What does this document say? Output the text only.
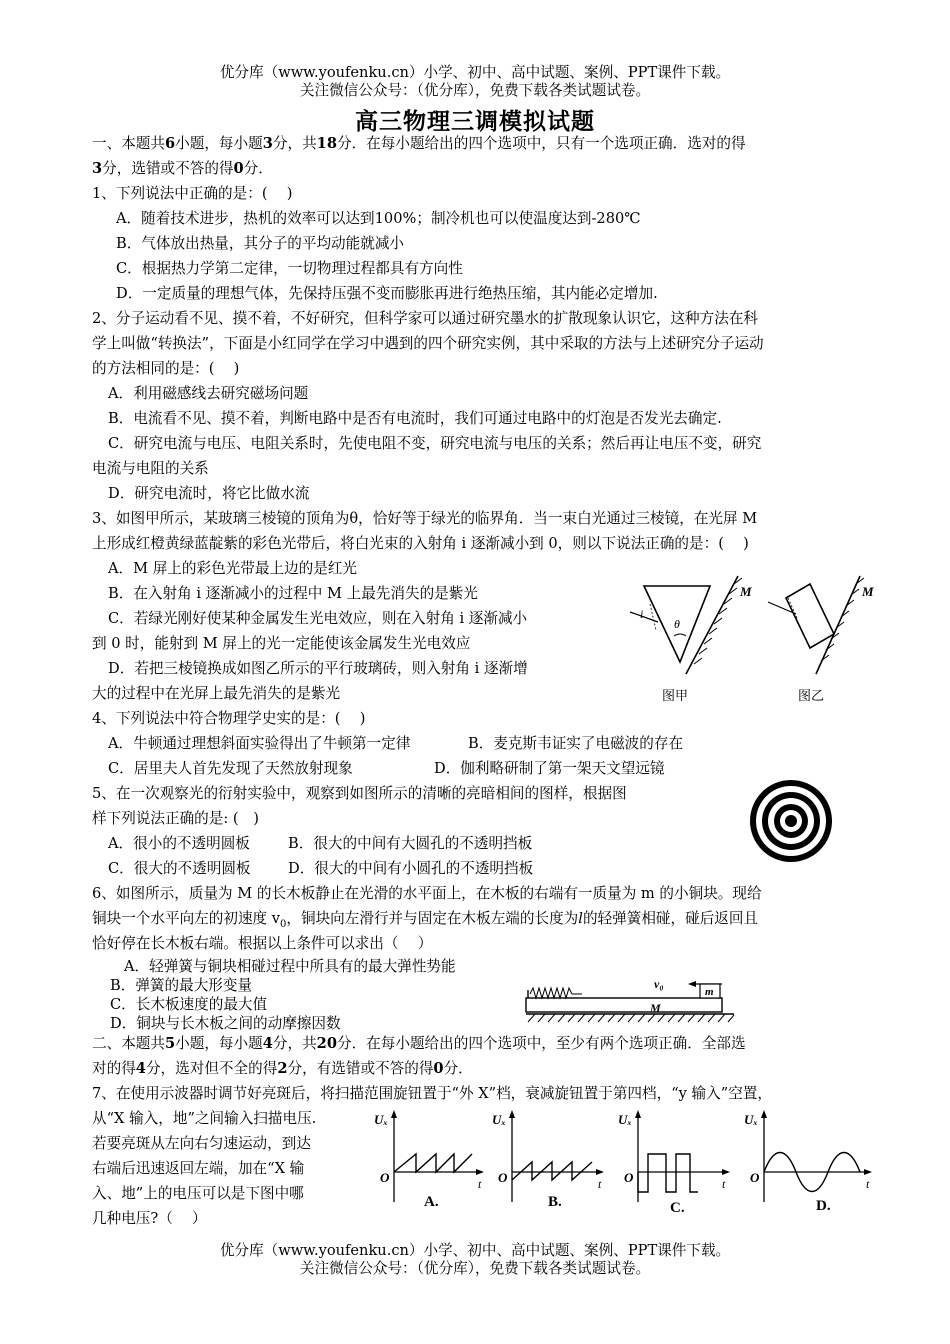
优分库（www.youfenku.cn）小学、初中、高中试题、案例、PPT课件下载。
关注微信公众号：（优分库），免费下载各类试题试卷。
高三物理三调模拟试题
一、本题共6小题，每小题3分，共18分．在每小题给出的四个选项中，只有一个选项正确．选对的得
3分，选错或不答的得0分．
1、下列说法中正确的是：(　 )
A．随着技术进步，热机的效率可以达到100%；制冷机也可以使温度达到-280℃
B．气体放出热量，其分子的平均动能就减小
C．根据热力学第二定律，一切物理过程都具有方向性
D．一定质量的理想气体，先保持压强不变而膨胀再进行绝热压缩，其内能必定增加.
2、分子运动看不见、摸不着，不好研究，但科学家可以通过研究墨水的扩散现象认识它，这种方法在科
学上叫做“转换法”，下面是小红同学在学习中遇到的四个研究实例，其中采取的方法与上述研究分子运动
的方法相同的是：(　 )
A．利用磁感线去研究磁场问题
B．电流看不见、摸不着，判断电路中是否有电流时，我们可通过电路中的灯泡是否发光去确定.
C．研究电流与电压、电阻关系时，先使电阻不变，研究电流与电压的关系；然后再让电压不变，研究
电流与电阻的关系
D．研究电流时，将它比做水流
3、如图甲所示，某玻璃三棱镜的顶角为θ，恰好等于绿光的临界角．当一束白光通过三棱镜，在光屏 M
上形成红橙黄绿蓝靛紫的彩色光带后，将白光束的入射角 i 逐渐减小到 0，则以下说法正确的是：(　 )
A．M 屏上的彩色光带最上边的是红光
B．在入射角 i 逐渐减小的过程中 M 上最先消失的是紫光
C．若绿光刚好使某种金属发生光电效应，则在入射角 i 逐渐减小
到 0 时，能射到 M 屏上的光一定能使该金属发生光电效应
D．若把三棱镜换成如图乙所示的平行玻璃砖，则入射角 i 逐渐增
大的过程中在光屏上最先消失的是紫光
i
θ
M
图甲
M
图乙
4、下列说法中符合物理学史实的是：(　 )
A．牛顿通过理想斜面实验得出了牛顿第一定律	B．麦克斯韦证实了电磁波的存在
C．居里夫人首先发现了天然放射现象	D．伽利略研制了第一架天文望远镜
5、在一次观察光的衍射实验中，观察到如图所示的清晰的亮暗相间的图样，根据图
样下列说法正确的是: (　)
A．很小的不透明圆板	B．很大的中间有大圆孔的不透明挡板
C．很大的不透明圆板	D．很大的中间有小圆孔的不透明挡板
6、如图所示，质量为 M 的长木板静止在光滑的水平面上，在木板的右端有一质量为 m 的小铜块。现给
铜块一个水平向左的初速度 $v_0$，铜块向左滑行并与固定在木板左端的长度为l的轻弹簧相碰，碰后返回且
恰好停在长木板右端。根据以上条件可以求出（　 ）
A．轻弹簧与铜块相碰过程中所具有的最大弹性势能
B．弹簧的最大形变量
C．长木板速度的最大值
D．铜块与长木板之间的动摩擦因数
v₀
m
M
二、本题共5小题，每小题4分，共20分．在每小题给出的四个选项中，至少有两个选项正确．全部选
对的得4分，选对但不全的得2分，有选错或不答的得0分．
7、在使用示波器时调节好亮斑后，将扫描范围旋钮置于“外 X”档，衰减旋钮置于第四档，“y 输入”空置，
从“X 输入，地”之间输入扫描电压.
若要亮斑从左向右匀速运动，到达
右端后迅速返回左端，加在“X 输
入、地”上的电压可以是下图中哪
几种电压?（　 ）
Uₓ
O	t
A.
Uₓ
O	t
B.
Uₓ
O	t
C.
Uₓ
O	t
D.
优分库（www.youfenku.cn）小学、初中、高中试题、案例、PPT课件下载。
关注微信公众号：（优分库），免费下载各类试题试卷。
